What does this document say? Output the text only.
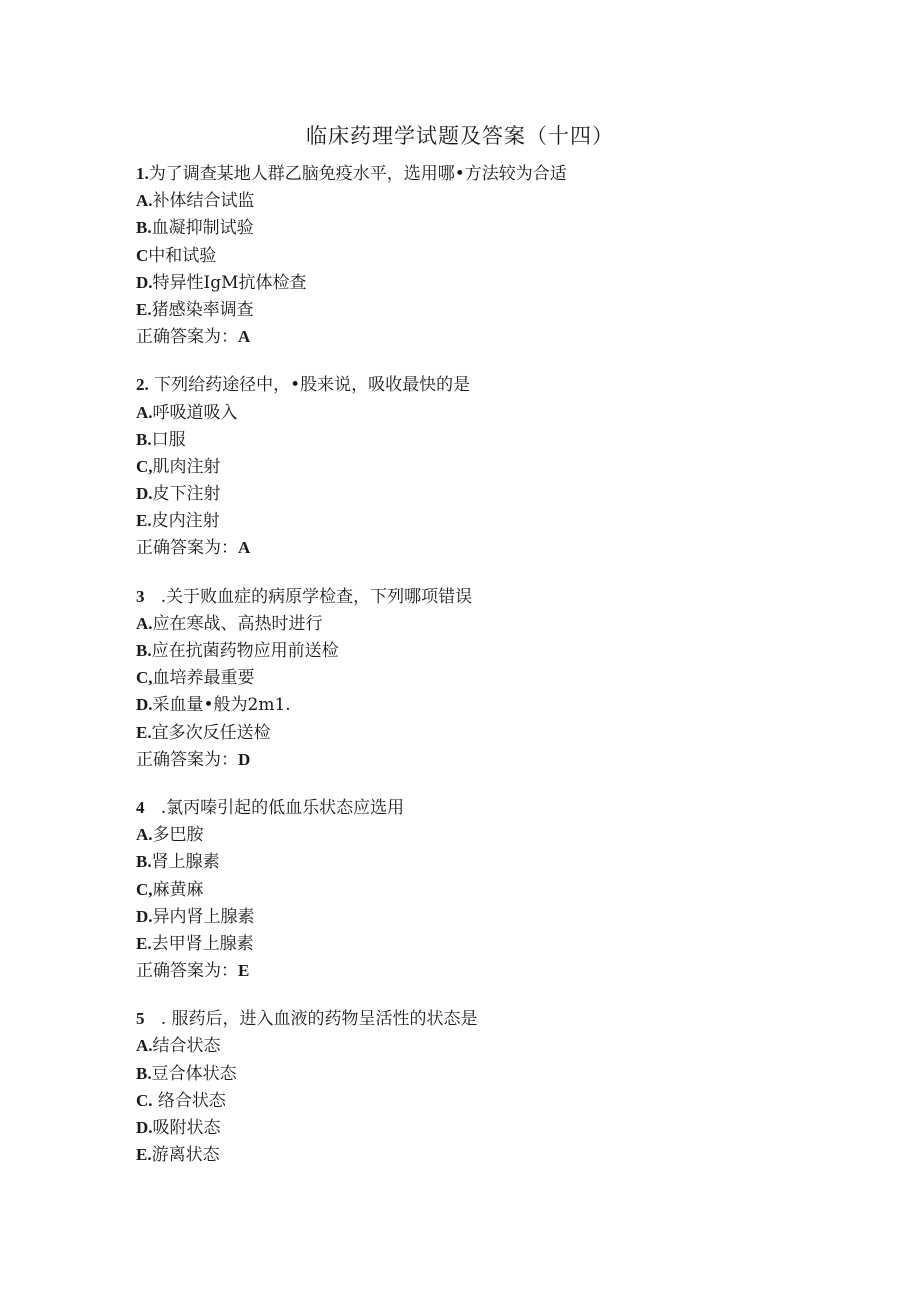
临床药理学试题及答案（十四）
1.为了调查某地人群乙脑免疫水平，选用哪•方法较为合适
A.补体结合试监
B.血凝抑制试验
C中和试验
D.特异性IgM抗体检查
E.猪感染率调查
正确答案为：A
2. 下列给药途径中，•股来说，吸收最快的是
A.呼吸道吸入
B.口服
C,肌肉注射
D.皮下注射
E.皮内注射
正确答案为：A
3   .关于败血症的病原学检查，下列哪项错误
A.应在寒战、高热时进行
B.应在抗菌药物应用前送检
C,血培养最重要
D.采血量•般为2m1.
E.宜多次反任送检
正确答案为：D
4   .氯丙嗪引起的低血乐状态应选用
A.多巴胺
B.肾上腺素
C,麻黄麻
D.异内肾上腺素
E.去甲肾上腺素
正确答案为：E
5   . 服药后，进入血液的药物呈活性的状态是
A.结合状态
B.豆合体状态
C. 络合状态
D.吸附状态
E.游离状态
